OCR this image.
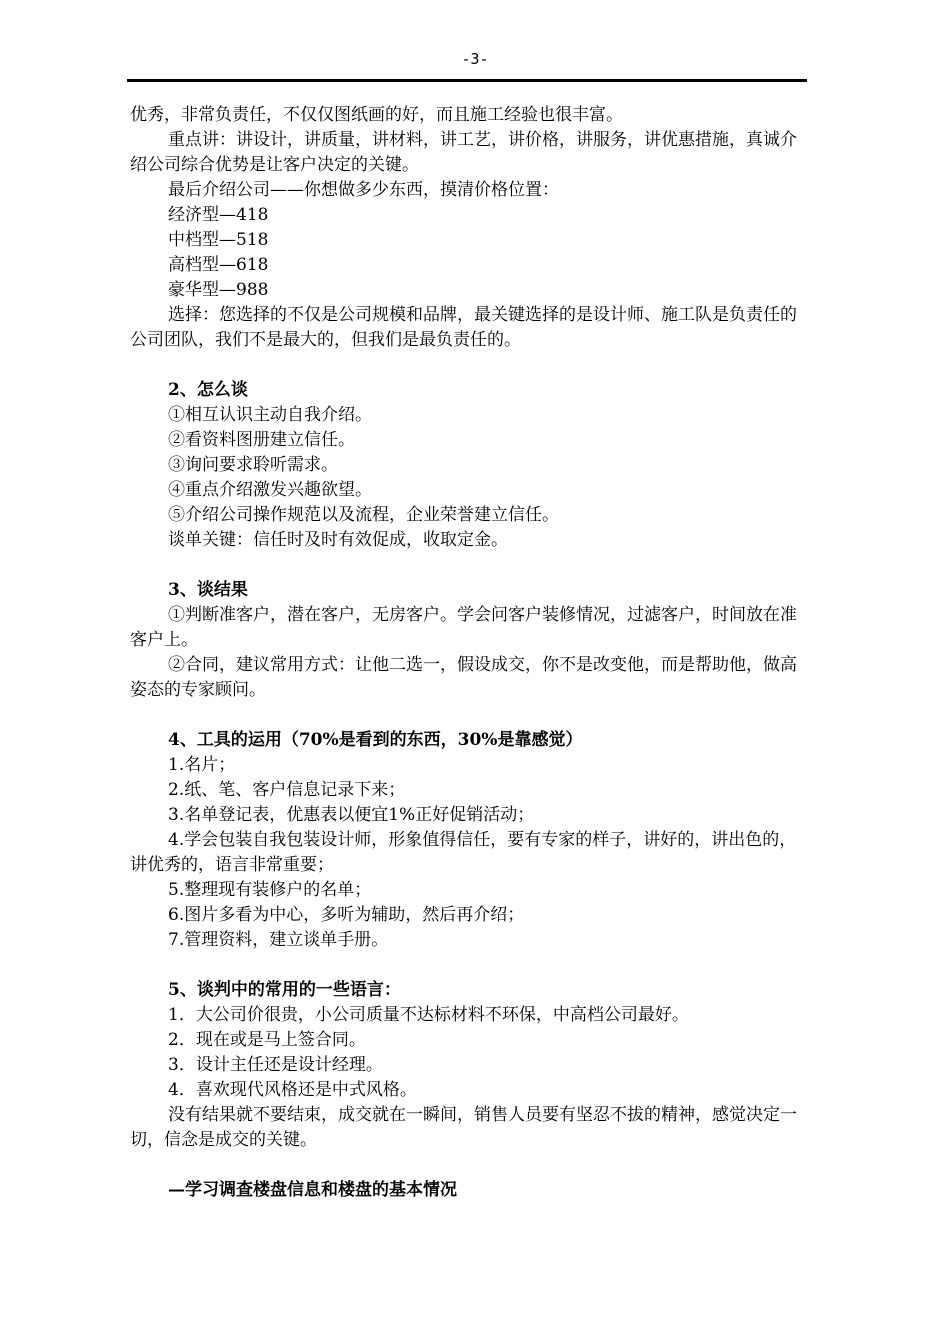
-3-

优秀，非常负责任，不仅仅图纸画的好，而且施工经验也很丰富。

重点讲：讲设计，讲质量，讲材料，讲工艺，讲价格，讲服务，讲优惠措施，真诚介绍公司综合优势是让客户决定的关键。

最后介绍公司——你想做多少东西，摸清价格位置：

经济型—418

中档型—518

高档型—618

豪华型—988

选择：您选择的不仅是公司规模和品牌，最关键选择的是设计师、施工队是负责任的公司团队，我们不是最大的，但我们是最负责任的。

2、怎么谈

①相互认识主动自我介绍。

②看资料图册建立信任。

③询问要求聆听需求。

④重点介绍激发兴趣欲望。

⑤介绍公司操作规范以及流程，企业荣誉建立信任。

谈单关键：信任时及时有效促成，收取定金。

3、谈结果

①判断准客户，潜在客户，无房客户。学会问客户装修情况，过滤客户，时间放在准客户上。

②合同，建议常用方式：让他二选一，假设成交，你不是改变他，而是帮助他，做高姿态的专家顾问。

4、工具的运用（70%是看到的东西，30%是靠感觉）

1.名片；

2.纸、笔、客户信息记录下来；

3.名单登记表，优惠表以便宜1%正好促销活动；

4.学会包装自我包装设计师，形象值得信任，要有专家的样子，讲好的，讲出色的，讲优秀的，语言非常重要；

5.整理现有装修户的名单；

6.图片多看为中心，多听为辅助，然后再介绍；

7.管理资料，建立谈单手册。

5、谈判中的常用的一些语言：

1．大公司价很贵，小公司质量不达标材料不环保，中高档公司最好。

2．现在或是马上签合同。

3．设计主任还是设计经理。

4．喜欢现代风格还是中式风格。

没有结果就不要结束，成交就在一瞬间，销售人员要有坚忍不拔的精神，感觉决定一切，信念是成交的关键。

—学习调查楼盘信息和楼盘的基本情况
